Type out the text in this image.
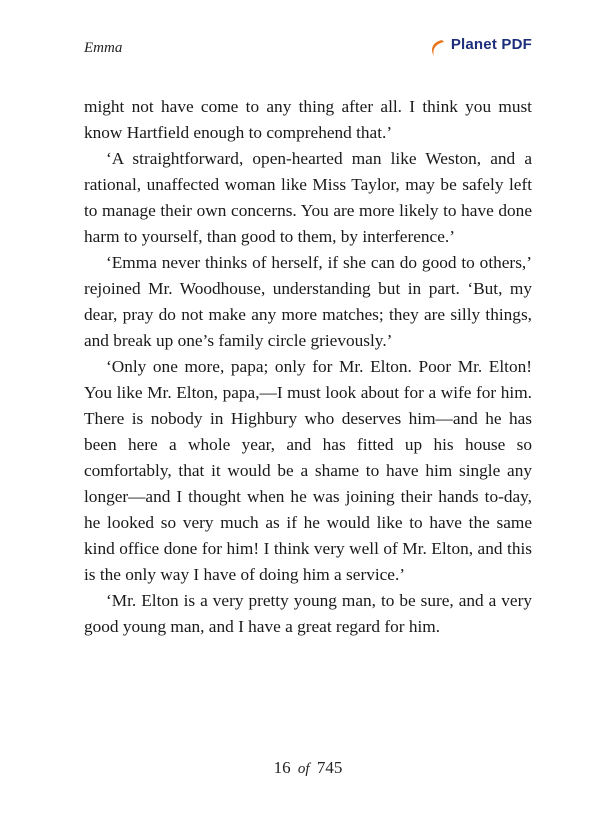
Emma	Planet PDF

might not have come to any thing after all. I think you must know Hartfield enough to comprehend that.’

‘A straightforward, open-hearted man like Weston, and a rational, unaffected woman like Miss Taylor, may be safely left to manage their own concerns. You are more likely to have done harm to yourself, than good to them, by interference.’

‘Emma never thinks of herself, if she can do good to others,’ rejoined Mr. Woodhouse, understanding but in part. ‘But, my dear, pray do not make any more matches; they are silly things, and break up one’s family circle grievously.’

‘Only one more, papa; only for Mr. Elton. Poor Mr. Elton! You like Mr. Elton, papa,—I must look about for a wife for him. There is nobody in Highbury who deserves him—and he has been here a whole year, and has fitted up his house so comfortably, that it would be a shame to have him single any longer—and I thought when he was joining their hands to-day, he looked so very much as if he would like to have the same kind office done for him! I think very well of Mr. Elton, and this is the only way I have of doing him a service.’

‘Mr. Elton is a very pretty young man, to be sure, and a very good young man, and I have a great regard for him.

16 of 745
